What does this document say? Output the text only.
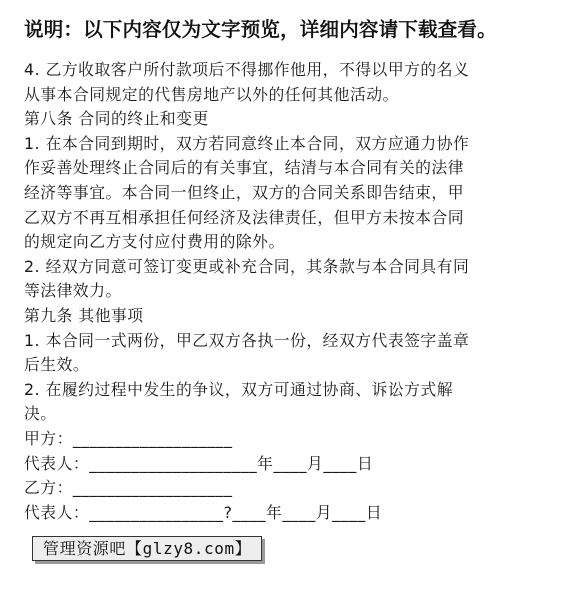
说明：以下内容仅为文字预览，详细内容请下载查看。
4. 乙方收取客户所付款项后不得挪作他用，不得以甲方的名义
从事本合同规定的代售房地产以外的任何其他活动。
第八条 合同的终止和变更
1. 在本合同到期时，双方若同意终止本合同，双方应通力协作
作妥善处理终止合同后的有关事宜，结清与本合同有关的法律
经济等事宜。本合同一但终止，双方的合同关系即告结束，甲
乙双方不再互相承担任何经济及法律责任，但甲方未按本合同
的规定向乙方支付应付费用的除外。
2. 经双方同意可签订变更或补充合同，其条款与本合同具有同
等法律效力。
第九条 其他事项
1. 本合同一式两份，甲乙双方各执一份，经双方代表签字盖章
后生效。
2. 在履约过程中发生的争议，双方可通过协商、诉讼方式解
决。
甲方：___________________
代表人：____________________年____月____日
乙方：___________________
代表人：________________?____年____月____日
管理资源吧【glzy8.com】
